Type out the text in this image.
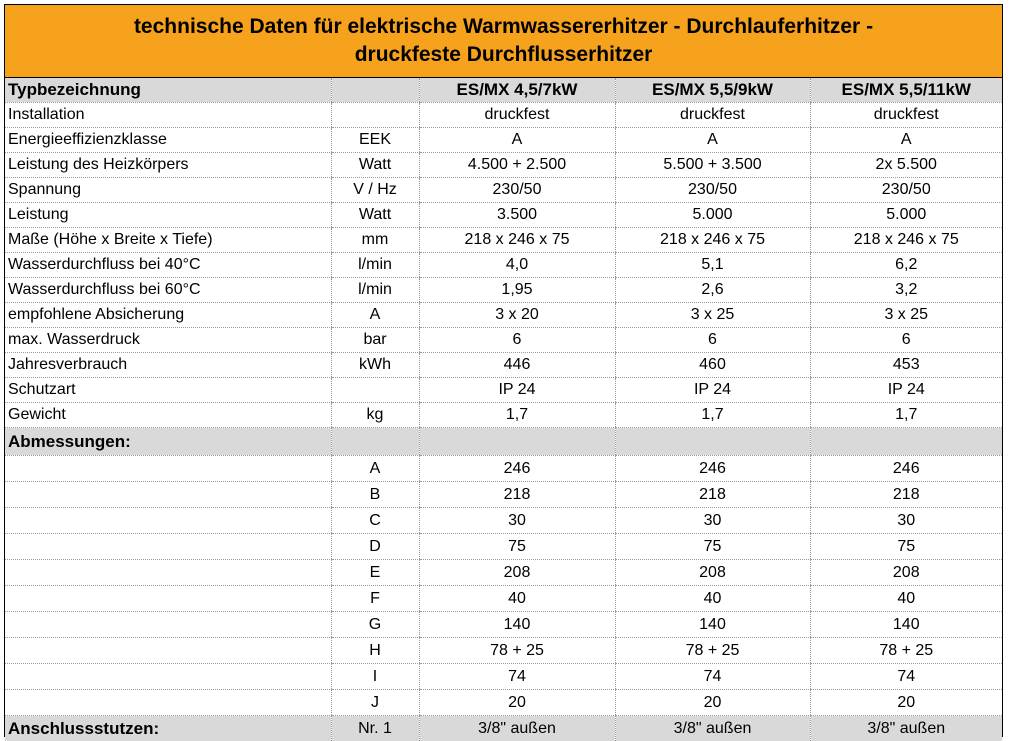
technische Daten für elektrische Warmwassererhitzer - Durchlauferhitzer -
druckfeste Durchflusserhitzer
Typbezeichnung		ES/MX 4,5/7kW	ES/MX 5,5/9kW	ES/MX 5,5/11kW
Installation		druckfest	druckfest	druckfest
Energieeffizienzklasse	EEK	A	A	A
Leistung des Heizkörpers	Watt	4.500 + 2.500	5.500 + 3.500	2x 5.500
Spannung	V / Hz	230/50	230/50	230/50
Leistung	Watt	3.500	5.000	5.000
Maße (Höhe x Breite x Tiefe)	mm	218 x 246 x 75	218 x 246 x 75	218 x 246 x 75
Wasserdurchfluss bei 40°C	l/min	4,0	5,1	6,2
Wasserdurchfluss bei 60°C	l/min	1,95	2,6	3,2
empfohlene Absicherung	A	3 x 20	3 x 25	3 x 25
max. Wasserdruck	bar	6	6	6
Jahresverbrauch	kWh	446	460	453
Schutzart		IP 24	IP 24	IP 24
Gewicht	kg	1,7	1,7	1,7
Abmessungen:				
	A	246	246	246
	B	218	218	218
	C	30	30	30
	D	75	75	75
	E	208	208	208
	F	40	40	40
	G	140	140	140
	H	78 + 25	78 + 25	78 + 25
	I	74	74	74
	J	20	20	20
Anschlussstutzen:	Nr. 1	3/8" außen	3/8" außen	3/8" außen
